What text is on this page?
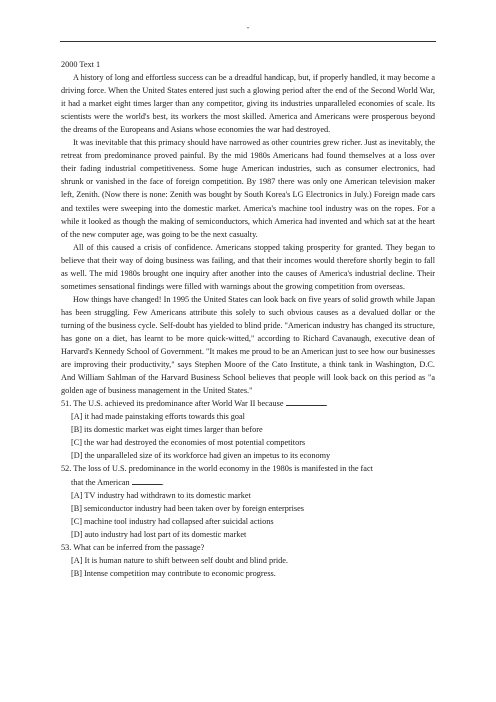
-

2000 Text 1

A history of long and effortless success can be a dreadful handicap, but, if properly handled, it may become a driving force. When the United States entered just such a glowing period after the end of the Second World War, it had a market eight times larger than any competitor, giving its industries unparalleled economies of scale. Its scientists were the world's best, its workers the most skilled. America and Americans were prosperous beyond the dreams of the Europeans and Asians whose economies the war had destroyed.

It was inevitable that this primacy should have narrowed as other countries grew richer. Just as inevitably, the retreat from predominance proved painful. By the mid 1980s Americans had found themselves at a loss over their fading industrial competitiveness. Some huge American industries, such as consumer electronics, had shrunk or vanished in the face of foreign competition. By 1987 there was only one American television maker left, Zenith. (Now there is none: Zenith was bought by South Korea's LG Electronics in July.) Foreign made cars and textiles were sweeping into the domestic market. America's machine tool industry was on the ropes. For a while it looked as though the making of semiconductors, which America had invented and which sat at the heart of the new computer age, was going to be the next casualty.

All of this caused a crisis of confidence. Americans stopped taking prosperity for granted. They began to believe that their way of doing business was failing, and that their incomes would therefore shortly begin to fall as well. The mid 1980s brought one inquiry after another into the causes of America's industrial decline. Their sometimes sensational findings were filled with warnings about the growing competition from overseas.

How things have changed! In 1995 the United States can look back on five years of solid growth while Japan has been struggling. Few Americans attribute this solely to such obvious causes as a devalued dollar or the turning of the business cycle. Self-doubt has yielded to blind pride. "American industry has changed its structure, has gone on a diet, has learnt to be more quick-witted," according to Richard Cavanaugh, executive dean of Harvard's Kennedy School of Government. "It makes me proud to be an American just to see how our businesses are improving their productivity," says Stephen Moore of the Cato Institute, a think tank in Washington, D.C. And William Sahlman of the Harvard Business School believes that people will look back on this period as "a golden age of business management in the United States."

51. The U.S. achieved its predominance after World War II because	.
[A] it had made painstaking efforts towards this goal
[B] its domestic market was eight times larger than before
[C] the war had destroyed the economies of most potential competitors
[D] the unparalleled size of its workforce had given an impetus to its economy
52. The loss of U.S. predominance in the world economy in the 1980s is manifested in the fact
that the American	.
[A] TV industry had withdrawn to its domestic market
[B] semiconductor industry had been taken over by foreign enterprises
[C] machine tool industry had collapsed after suicidal actions
[D] auto industry had lost part of its domestic market
53. What can be inferred from the passage?
[A] It is human nature to shift between self doubt and blind pride.
[B] Intense competition may contribute to economic progress.
